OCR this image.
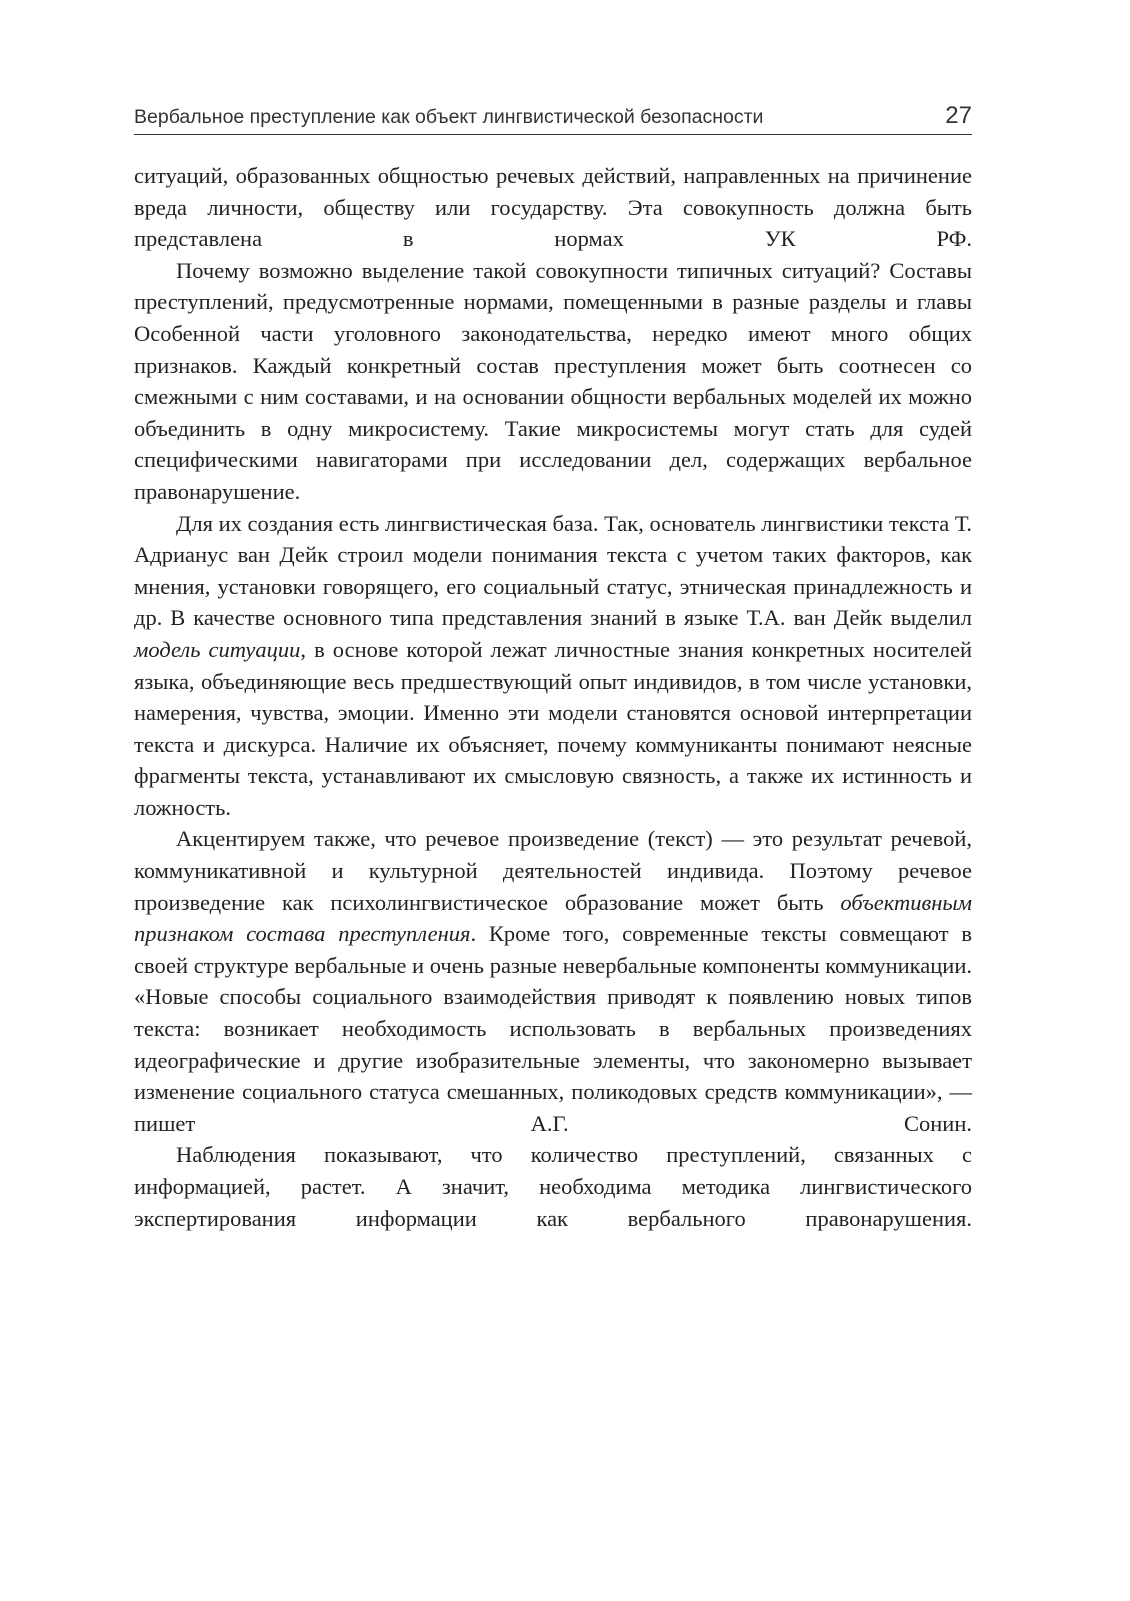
Вербальное преступление как объект лингвистической безопасности	27

ситуаций, образованных общностью речевых действий, направленных на причинение вреда личности, обществу или государству. Эта совокупность должна быть представлена в нормах УК РФ.

Почему возможно выделение такой совокупности типичных ситуаций? Составы преступлений, предусмотренные нормами, помещенными в разные разделы и главы Особенной части уголовного законодательства, нередко имеют много общих признаков. Каждый конкретный состав преступления может быть соотнесен со смежными с ним составами, и на основании общности вербальных моделей их можно объединить в одну микросистему. Такие микросистемы могут стать для судей специфическими навигаторами при исследовании дел, содержащих вербальное правонарушение.

Для их создания есть лингвистическая база. Так, основатель лингвистики текста Т. Адрианус ван Дейк строил модели понимания текста с учетом таких факторов, как мнения, установки говорящего, его социальный статус, этническая принадлежность и др. В качестве основного типа представления знаний в языке Т.А. ван Дейк выделил модель ситуации, в основе которой лежат личностные знания конкретных носителей языка, объединяющие весь предшествующий опыт индивидов, в том числе установки, намерения, чувства, эмоции. Именно эти модели становятся основой интерпретации текста и дискурса. Наличие их объясняет, почему коммуниканты понимают неясные фрагменты текста, устанавливают их смысловую связность, а также их истинность и ложность.

Акцентируем также, что речевое произведение (текст) — это результат речевой, коммуникативной и культурной деятельностей индивида. Поэтому речевое произведение как психолингвистическое образование может быть объективным признаком состава преступления. Кроме того, современные тексты совмещают в своей структуре вербальные и очень разные невербальные компоненты коммуникации. «Новые способы социального взаимодействия приводят к появлению новых типов текста: возникает необходимость использовать в вербальных произведениях идеографические и другие изобразительные элементы, что закономерно вызывает изменение социального статуса смешанных, поликодовых средств коммуникации», — пишет А.Г. Сонин.

Наблюдения показывают, что количество преступлений, связанных с информацией, растет. А значит, необходима методика лингвистического экспертирования информации как вербального правонарушения.
